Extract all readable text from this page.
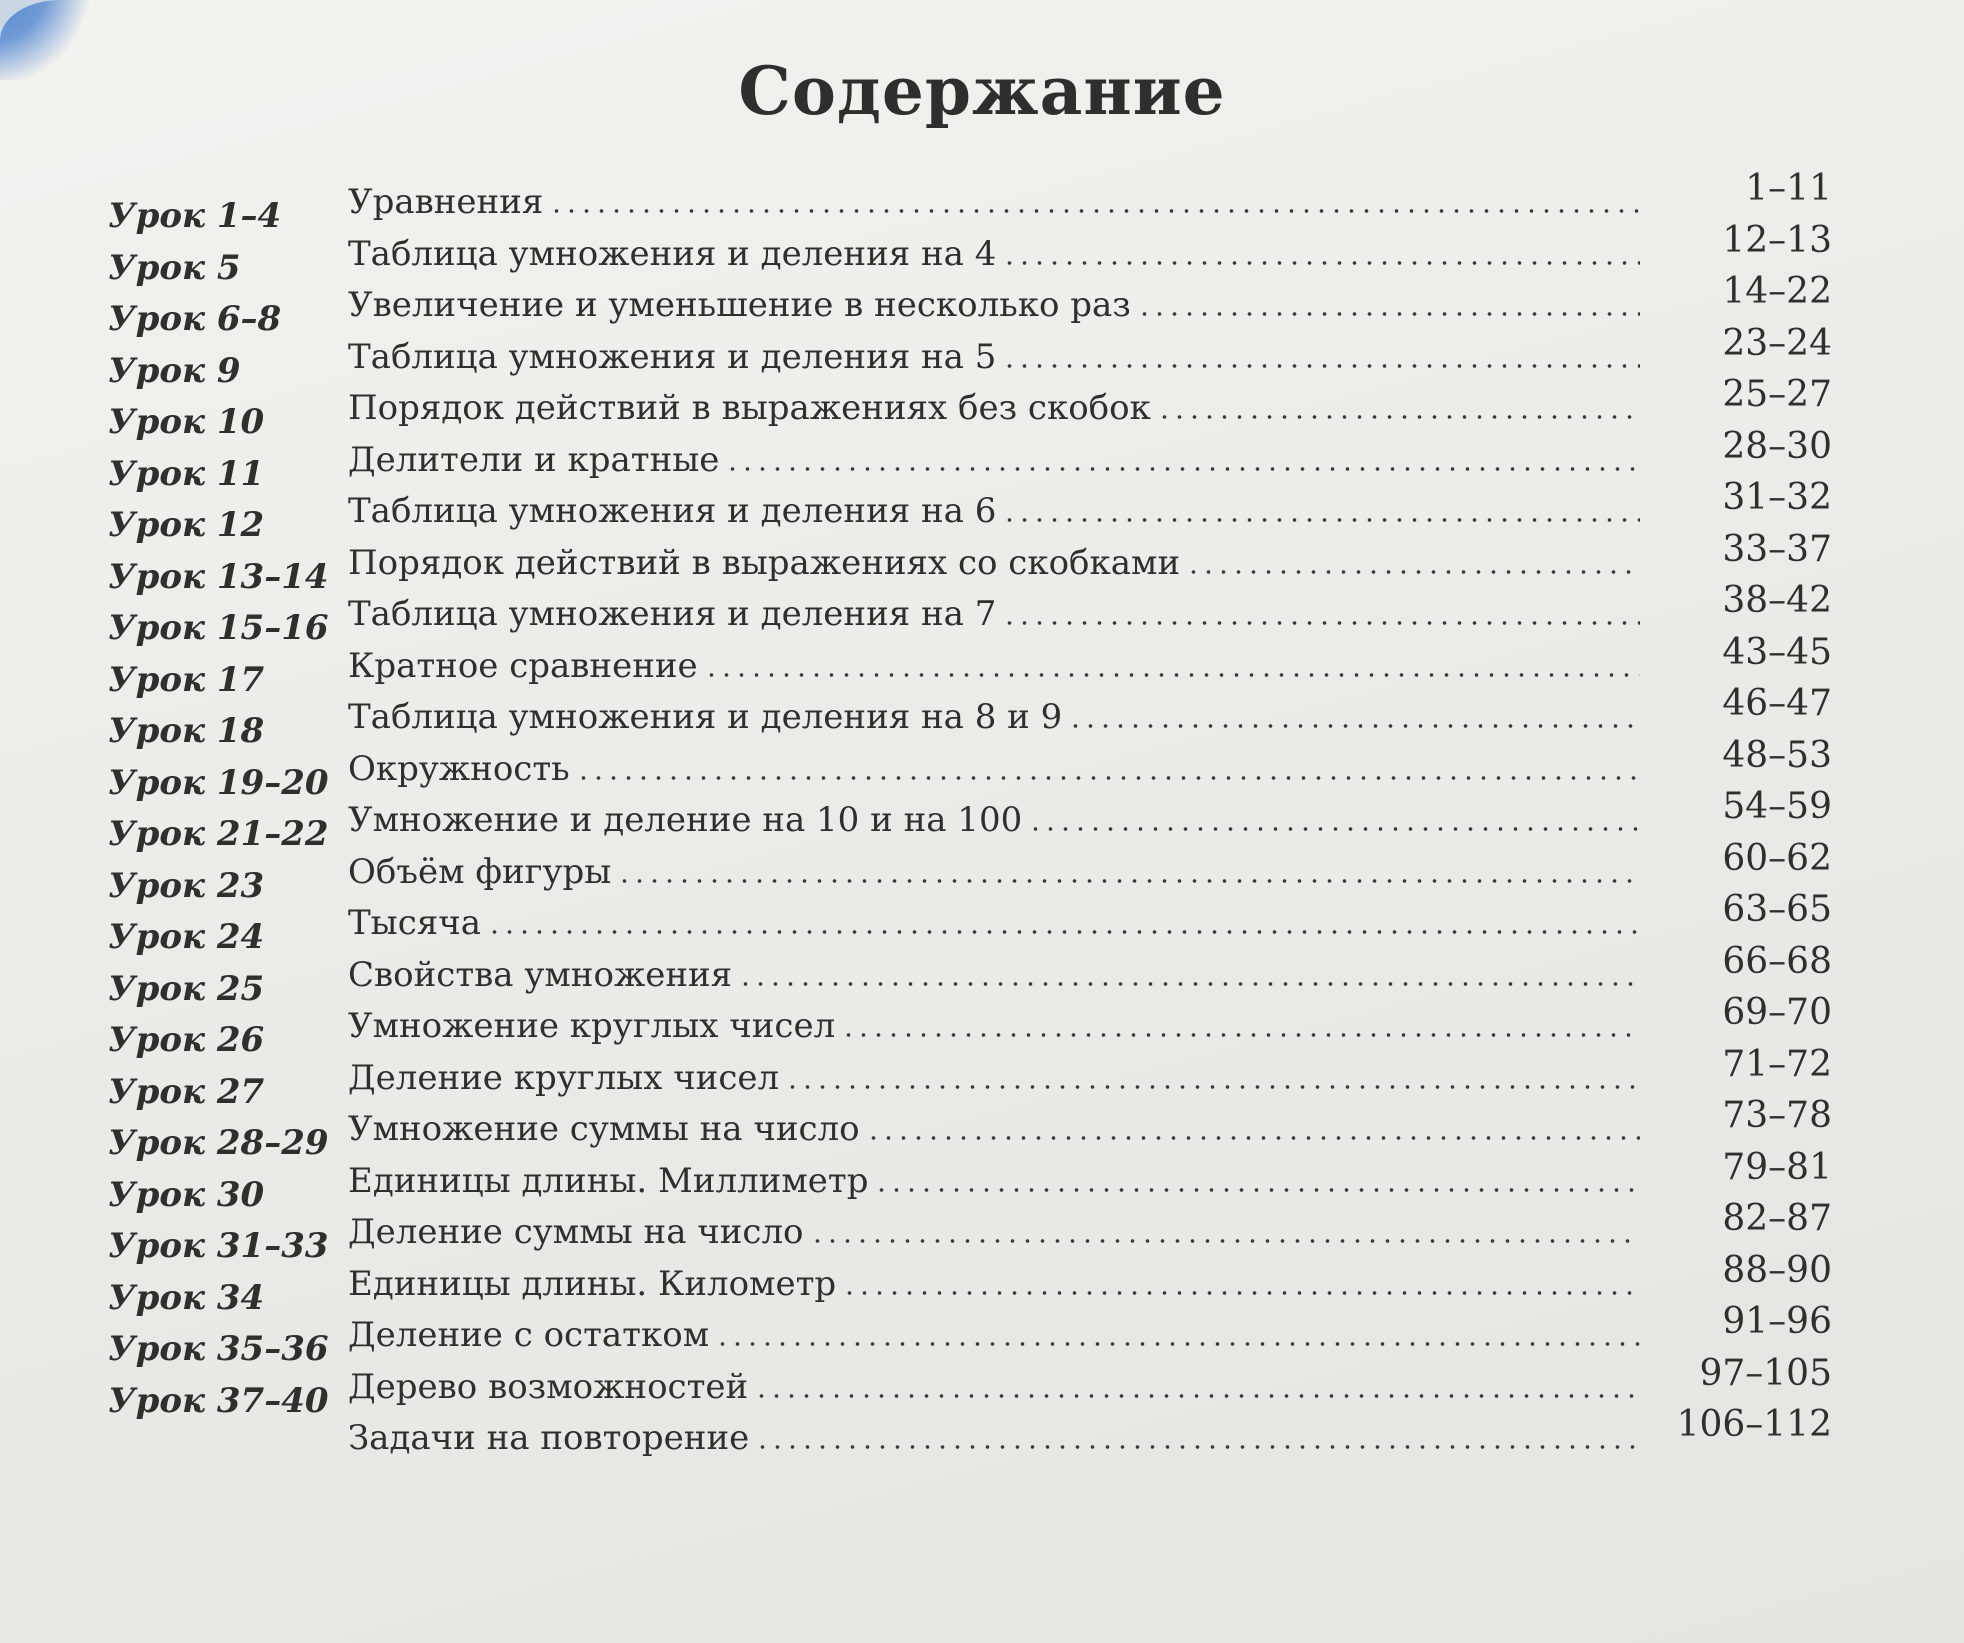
Содержание
Урок 1–4 Уравнения	1–11
Урок 5	Таблица умножения и деления на 4	12–13
Урок 6–8 Увеличение и уменьшение в несколько раз	14–22
Урок 9	Таблица умножения и деления на 5	23–24
Урок 10 Порядок действий в выражениях без скобок	25–27
Урок 11 Делители и кратные	28–30
Урок 12 Таблица умножения и деления на 6	31–32
Урок 13–14 Порядок действий в выражениях со скобками	33–37
Урок 15–16 Таблица умножения и деления на 7	38–42
Урок 17 Кратное сравнение	43–45
Урок 18 Таблица умножения и деления на 8 и 9	46–47
Урок 19–20 Окружность	48–53
Урок 21–22 Умножение и деление на 10 и на 100	54–59
Урок 23 Объём фигуры	60–62
Урок 24 Тысяча	63–65
Урок 25 Свойства умножения	66–68
Урок 26 Умножение круглых чисел	69–70
Урок 27 Деление круглых чисел	71–72
Урок 28–29 Умножение суммы на число	73–78
Урок 30 Единицы длины. Миллиметр	79–81
Урок 31–33 Деление суммы на число	82–87
Урок 34 Единицы длины. Километр	88–90
Урок 35–36 Деление с остатком	91–96
Урок 37–40 Дерево возможностей	97–105
Задачи на повторение	106–112
